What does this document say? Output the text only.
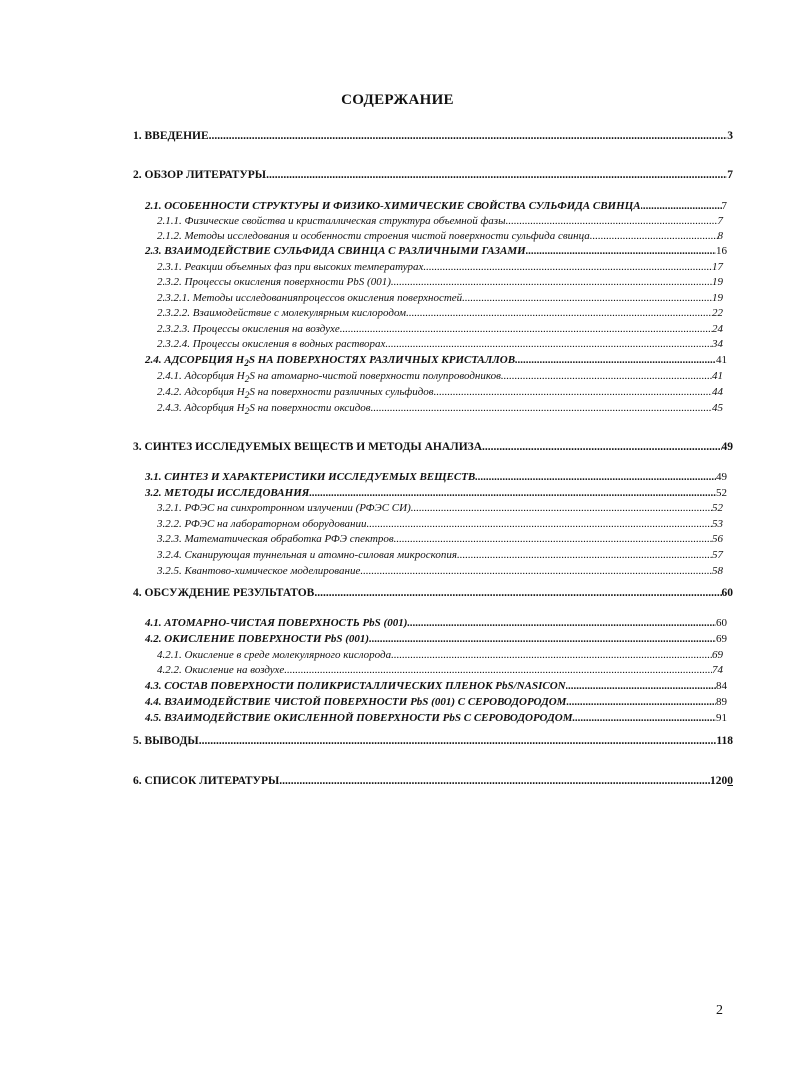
СОДЕРЖАНИЕ
1. ВВЕДЕНИЕ .....	3
2. ОБЗОР ЛИТЕРАТУРЫ .....	7
2.1. ОСОБЕННОСТИ СТРУКТУРЫ И ФИЗИКО-ХИМИЧЕСКИЕ СВОЙСТВА СУЛЬФИДА СВИНЦА .....	7
2.1.1. Физические свойства и кристаллическая структура объемной фазы .....	7
2.1.2. Методы исследования и особенности строения чистой поверхности сульфида свинца .....	8
2.3. ВЗАИМОДЕЙСТВИЕ СУЛЬФИДА СВИНЦА С РАЗЛИЧНЫМИ ГАЗАМИ .....	16
2.3.1. Реакции объемных фаз при высоких температурах .....	17
2.3.2. Процессы окисления поверхности PbS (001) .....	19
2.3.2.1. Методы исследованияпроцессов окисления поверхностей .....	19
2.3.2.2. Взаимодействие с молекулярным кислородом .....	22
2.3.2.3. Процессы окисления на воздухе .....	24
2.3.2.4. Процессы окисления в водных растворах .....	34
2.4. АДСОРБЦИЯ $H_2S$ НА ПОВЕРХНОСТЯХ РАЗЛИЧНЫХ КРИСТАЛЛОВ .....	41
2.4.1. Адсорбция $H_2S$ на атомарно-чистой поверхности полупроводников .....	41
2.4.2. Адсорбция $H_2S$ на поверхности различных сульфидов .....	44
2.4.3. Адсорбция $H_2S$ на поверхности оксидов .....	45
3. СИНТЕЗ ИССЛЕДУЕМЫХ ВЕЩЕСТВ И МЕТОДЫ АНАЛИЗА .....	49
3.1. СИНТЕЗ И ХАРАКТЕРИСТИКИ ИССЛЕДУЕМЫХ ВЕЩЕСТВ .....	49
3.2. МЕТОДЫ ИССЛЕДОВАНИЯ .....	52
3.2.1. РФЭС на синхротронном излучении (РФЭС СИ) .....	52
3.2.2. РФЭС на лабораторном оборудовании .....	53
3.2.3. Математическая обработка РФЭ спектров .....	56
3.2.4. Сканирующая туннельная и атомно-силовая микроскопия .....	57
3.2.5. Квантово-химическое моделирование .....	58
4. ОБСУЖДЕНИЕ РЕЗУЛЬТАТОВ .....	60
4.1. АТОМАРНО-ЧИСТАЯ ПОВЕРХНОСТЬ PbS (001) .....	60
4.2. ОКИСЛЕНИЕ ПОВЕРХНОСТИ PbS (001) .....	69
4.2.1. Окисление в среде молекулярного кислорода .....	69
4.2.2. Окисление на воздухе .....	74
4.3. СОСТАВ ПОВЕРХНОСТИ ПОЛИКРИСТАЛЛИЧЕСКИХ ПЛЕНОК PbS/NASICON .....	84
4.4. ВЗАИМОДЕЙСТВИЕ ЧИСТОЙ ПОВЕРХНОСТИ PbS (001) С СЕРОВОДОРОДОМ .....	89
4.5. ВЗАИМОДЕЙСТВИЕ ОКИСЛЕННОЙ ПОВЕРХНОСТИ PbS С СЕРОВОДОРОДОМ .....	91
5. ВЫВОДЫ .....	118
6. СПИСОК ЛИТЕРАТУРЫ .....	1200
2
